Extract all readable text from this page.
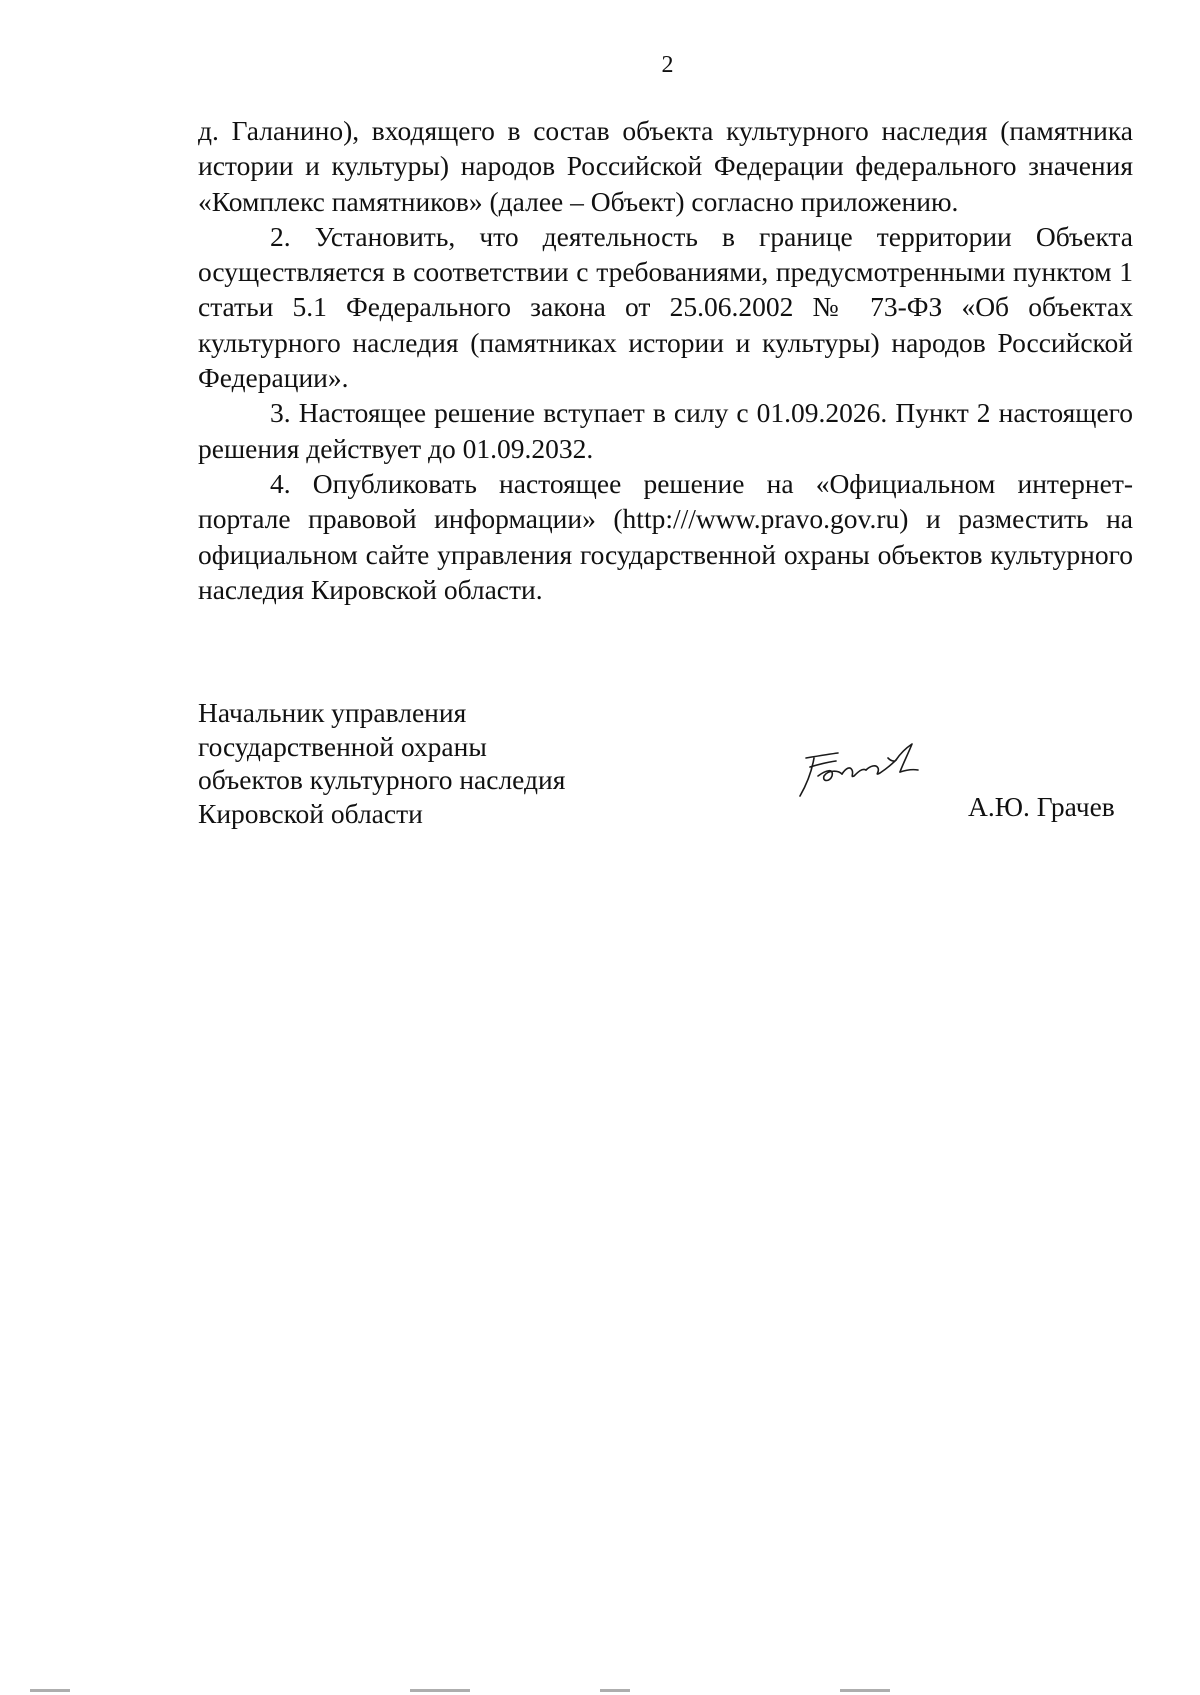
2

д. Галанино), входящего в состав объекта культурного наследия (памятника истории и культуры) народов Российской Федерации федерального значения «Комплекс памятников» (далее – Объект) согласно приложению.

2. Установить, что деятельность в границе территории Объекта осуществляется в соответствии с требованиями, предусмотренными пунктом 1 статьи 5.1 Федерального закона от 25.06.2002 № 73-ФЗ «Об объектах культурного наследия (памятниках истории и культуры) народов Российской Федерации».

3. Настоящее решение вступает в силу с 01.09.2026. Пункт 2 настоящего решения действует до 01.09.2032.

4. Опубликовать настоящее решение на «Официальном интернет-портале правовой информации» (http:///www.pravo.gov.ru) и разместить на официальном сайте управления государственной охраны объектов культурного наследия Кировской области.

Начальник управления
государственной охраны
объектов культурного наследия
Кировской области	А.Ю. Грачев
